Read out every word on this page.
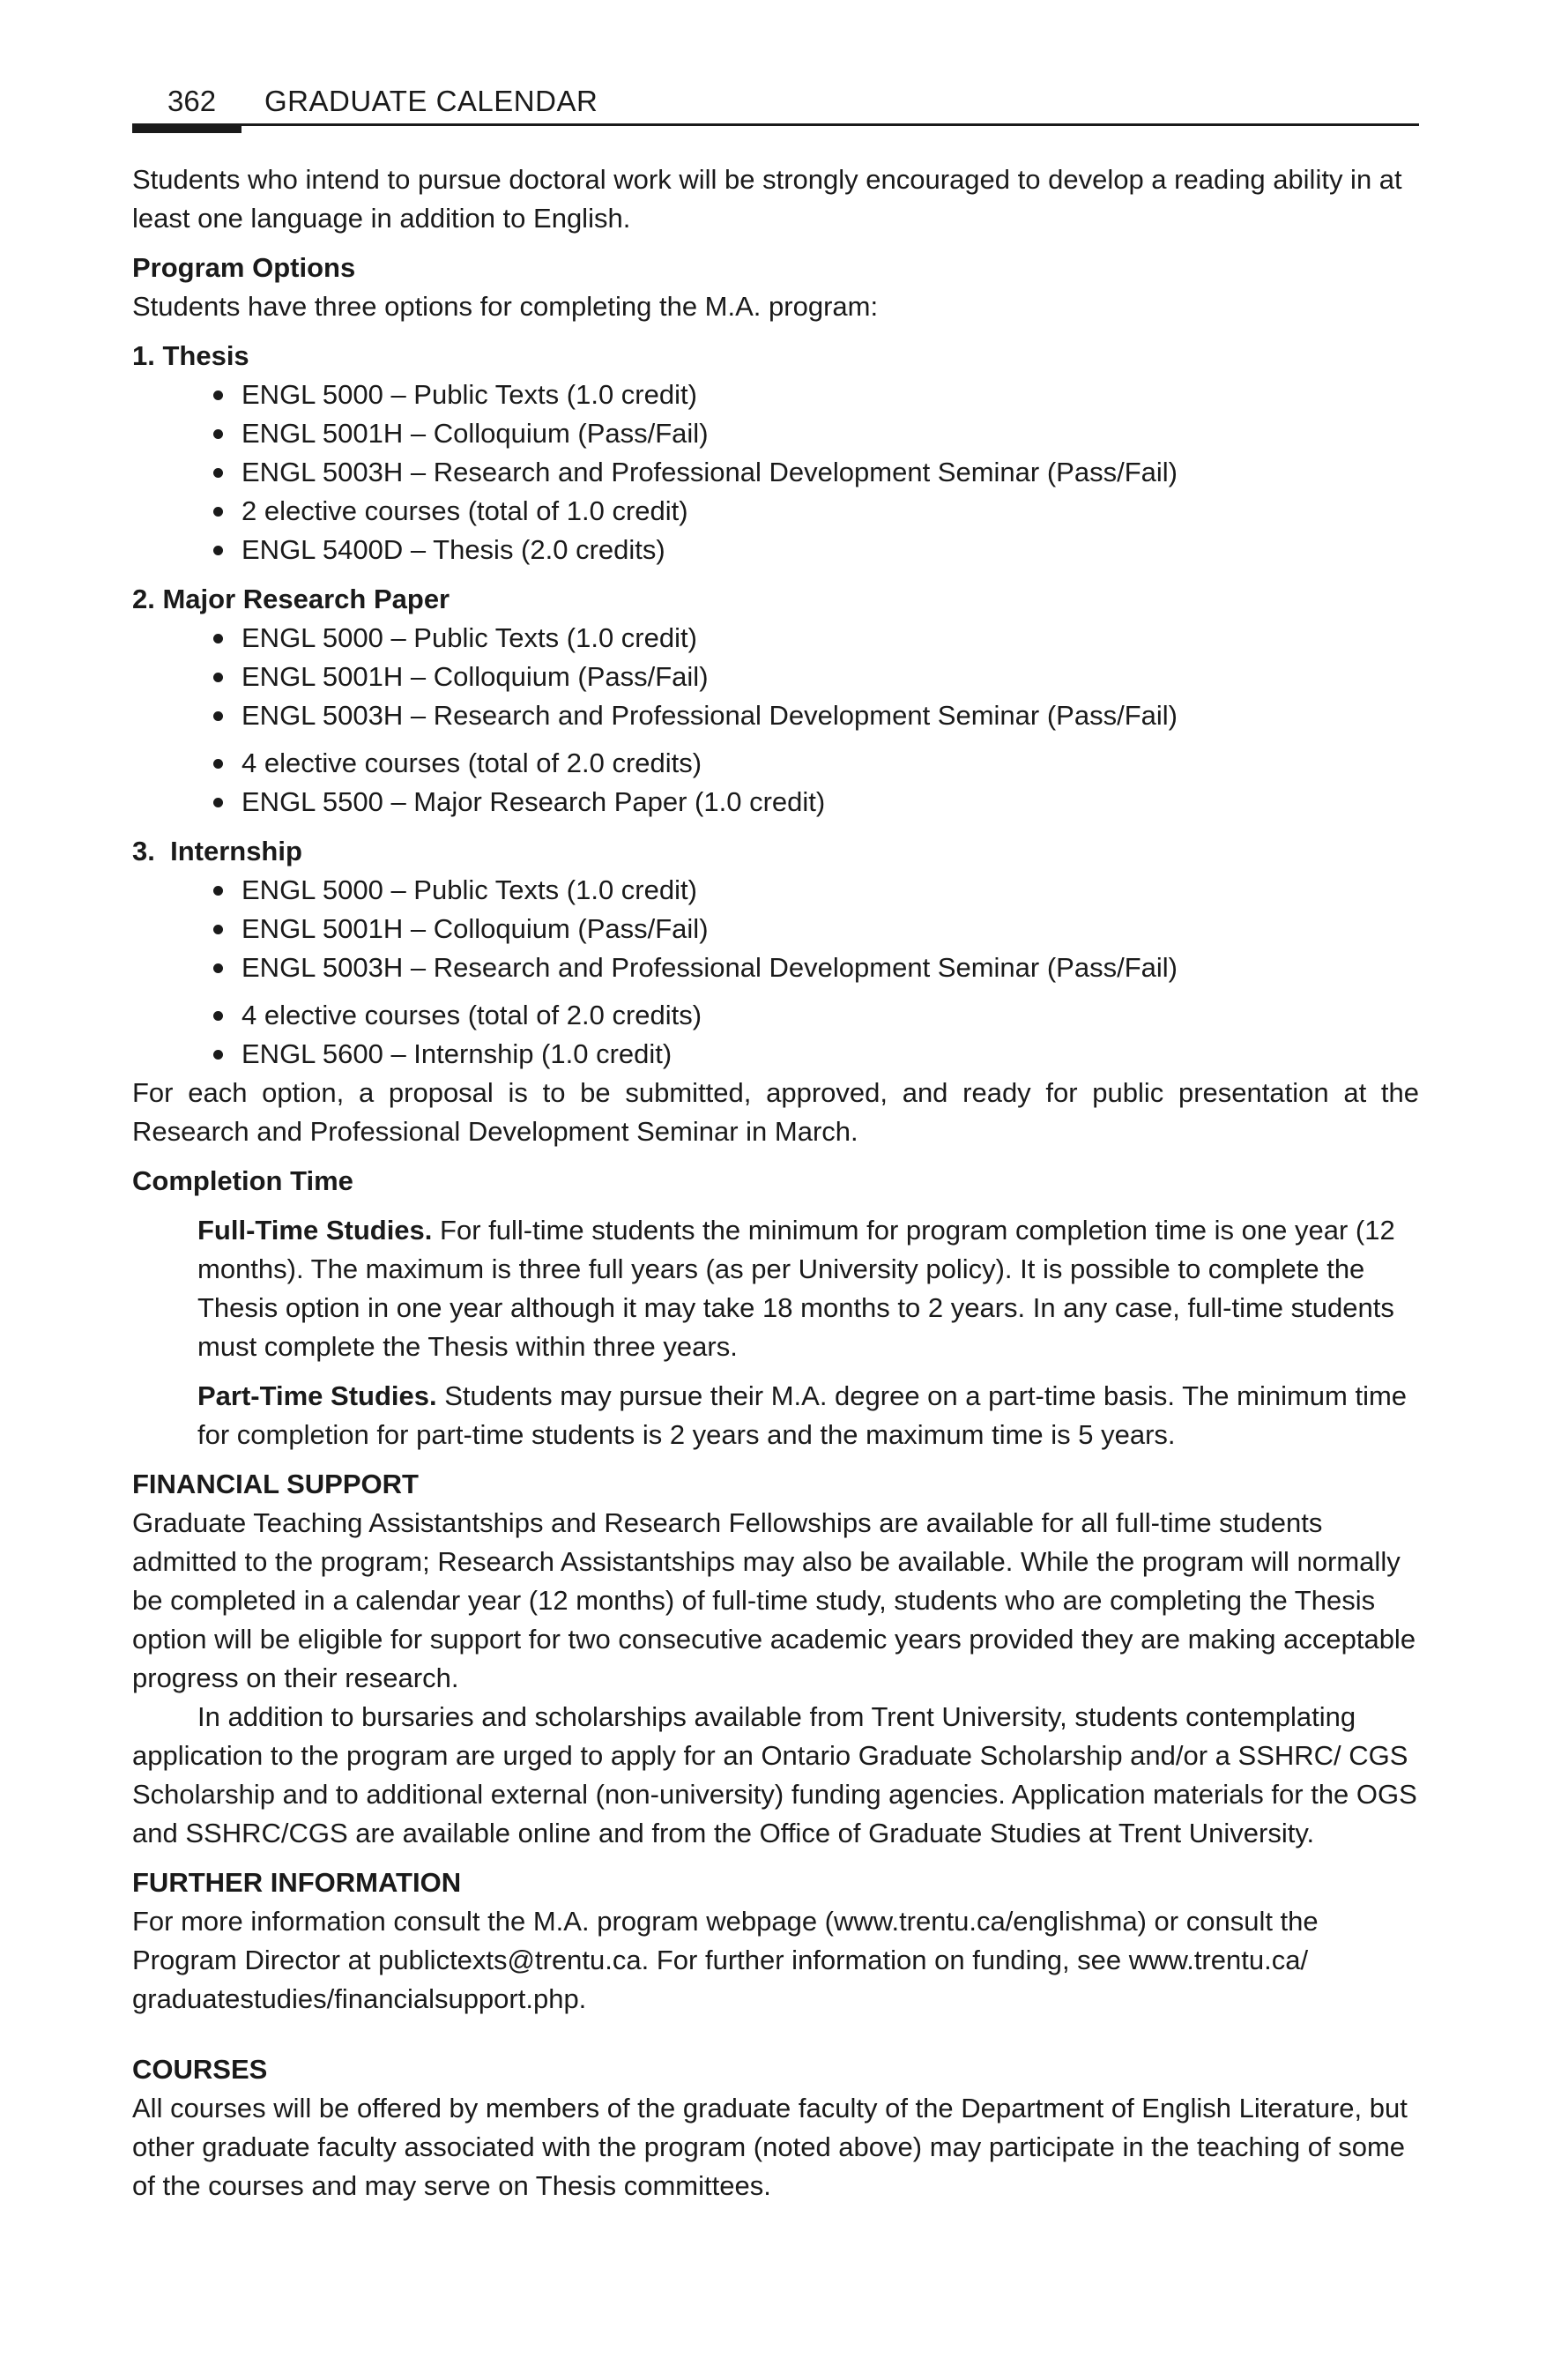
362 GRADUATE CALENDAR

Students who intend to pursue doctoral work will be strongly encouraged to develop a reading ability in at least one language in addition to English.

Program Options

Students have three options for completing the M.A. program:

1. Thesis

ENGL 5000 – Public Texts (1.0 credit)
ENGL 5001H – Colloquium (Pass/Fail)
ENGL 5003H – Research and Professional Development Seminar (Pass/Fail)
2 elective courses (total of 1.0 credit)
ENGL 5400D – Thesis (2.0 credits)

2. Major Research Paper

ENGL 5000 – Public Texts (1.0 credit)
ENGL 5001H – Colloquium (Pass/Fail)
ENGL 5003H – Research and Professional Development Seminar (Pass/Fail)
4 elective courses (total of 2.0 credits)
ENGL 5500 – Major Research Paper (1.0 credit)

3.  Internship

ENGL 5000 – Public Texts (1.0 credit)
ENGL 5001H – Colloquium (Pass/Fail)
ENGL 5003H – Research and Professional Development Seminar (Pass/Fail)
4 elective courses (total of 2.0 credits)
ENGL 5600 – Internship (1.0 credit)

For each option, a proposal is to be submitted, approved, and ready for public presentation at the Research and Professional Development Seminar in March.

Completion Time

Full-Time Studies. For full-time students the minimum for program completion time is one year (12 months). The maximum is three full years (as per University policy). It is possible to complete the Thesis option in one year although it may take 18 months to 2 years. In any case, full-time students must complete the Thesis within three years.

Part-Time Studies. Students may pursue their M.A. degree on a part-time basis. The minimum time for completion for part-time students is 2 years and the maximum time is 5 years.

FINANCIAL SUPPORT

Graduate Teaching Assistantships and Research Fellowships are available for all full-time students admitted to the program; Research Assistantships may also be available. While the program will normally be completed in a calendar year (12 months) of full-time study, students who are completing the Thesis option will be eligible for support for two consecutive academic years provided they are making acceptable progress on their research.

In addition to bursaries and scholarships available from Trent University, students contemplating application to the program are urged to apply for an Ontario Graduate Scholarship and/or a SSHRC/ CGS Scholarship and to additional external (non-university) funding agencies. Application materials for the OGS and SSHRC/CGS are available online and from the Office of Graduate Studies at Trent University.

FURTHER INFORMATION

For more information consult the M.A. program webpage (www.trentu.ca/englishma) or consult the Program Director at publictexts@trentu.ca. For further information on funding, see www.trentu.ca/ graduatestudies/financialsupport.php.

COURSES

All courses will be offered by members of the graduate faculty of the Department of English Literature, but other graduate faculty associated with the program (noted above) may participate in the teaching of some of the courses and may serve on Thesis committees.
